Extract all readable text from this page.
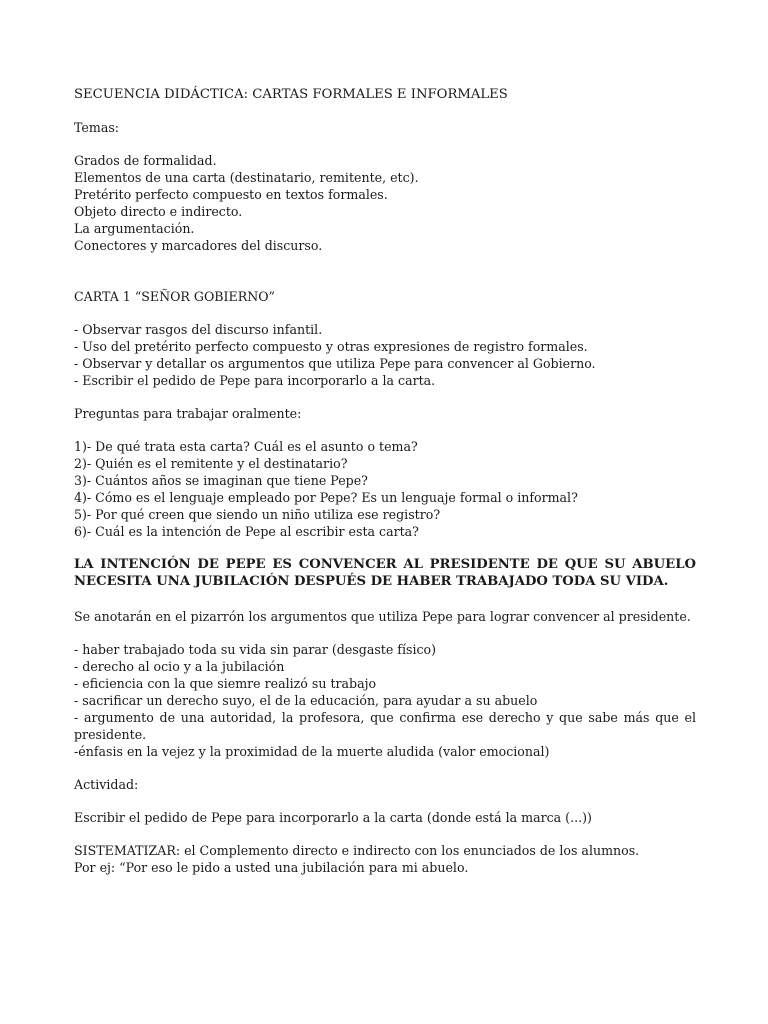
SECUENCIA DIDÁCTICA: CARTAS FORMALES E INFORMALES
Temas:
Grados de formalidad.
Elementos de una carta (destinatario, remitente, etc).
Pretérito perfecto compuesto en textos formales.
Objeto directo e indirecto.
La argumentación.
Conectores y marcadores del discurso.
CARTA 1 “SEÑOR GOBIERNO”
- Observar rasgos del discurso infantil.
- Uso del pretérito perfecto compuesto y otras expresiones de registro formales.
- Observar y detallar os argumentos que utiliza Pepe para convencer al Gobierno.
- Escribir el pedido de Pepe para incorporarlo a la carta.
Preguntas para trabajar oralmente:
1)- De qué trata esta carta? Cuál es el asunto o tema?
2)- Quién es el remitente y el destinatario?
3)- Cuántos años se imaginan que tiene Pepe?
4)- Cómo es el lenguaje empleado por Pepe? Es un lenguaje formal o informal?
5)- Por qué creen que siendo un niño utiliza ese registro?
6)- Cuál es la intención de Pepe al escribir esta carta?
LA INTENCIÓN DE PEPE ES CONVENCER AL PRESIDENTE DE QUE SU ABUELO NECESITA UNA JUBILACIÓN DESPUÉS DE HABER TRABAJADO TODA SU VIDA.
Se anotarán en el pizarrón los argumentos que utiliza Pepe para lograr convencer al presidente.
- haber trabajado toda su vida sin parar (desgaste físico)
- derecho al ocio y a la jubilación
- eficiencia con la que siemre realizó su trabajo
- sacrificar un derecho suyo, el de la educación, para ayudar a su abuelo
- argumento de una autoridad, la profesora, que confirma ese derecho y que sabe más que el presidente.
-énfasis en la vejez y la proximidad de la muerte aludida (valor emocional)
Actividad:
Escribir el pedido de Pepe para incorporarlo a la carta (donde está la marca (...))
SISTEMATIZAR: el Complemento directo e indirecto con los enunciados de los alumnos.
Por ej: “Por eso le pido a usted una jubilación para mi abuelo.
